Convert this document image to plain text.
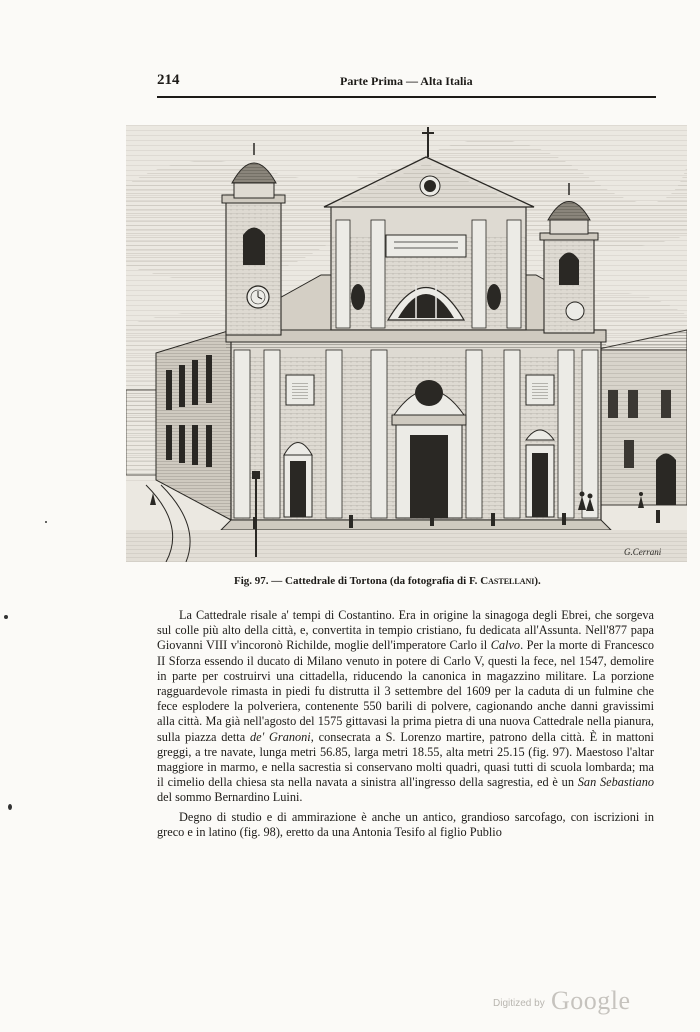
214	Parte Prima — Alta Italia
G.Cerrani
Fig. 97. — Cattedrale di Tortona (da fotografia di F. Castellani).

La Cattedrale risale a' tempi di Costantino. Era in origine la sinagoga degli Ebrei, che sorgeva sul colle più alto della città, e, convertita in tempio cristiano, fu dedicata all'Assunta. Nell'877 papa Giovanni VIII v'incoronò Richilde, moglie dell'imperatore Carlo il Calvo. Per la morte di Francesco II Sforza essendo il ducato di Milano venuto in potere di Carlo V, questi la fece, nel 1547, demolire in parte per costruirvi una cittadella, riducendo la canonica in magazzino militare. La porzione ragguardevole rimasta in piedi fu distrutta il 3 settembre del 1609 per la caduta di un fulmine che fece esplodere la polveriera, contenente 550 barili di polvere, cagionando anche danni gravissimi alla città. Ma già nell'agosto del 1575 gittavasi la prima pietra di una nuova Cattedrale nella pianura, sulla piazza detta de' Granoni, consecrata a S. Lorenzo martire, patrono della città. È in mattoni greggi, a tre navate, lunga metri 56.85, larga metri 18.55, alta metri 25.15 (fig. 97). Maestoso l'altar maggiore in marmo, e nella sacrestia si conservano molti quadri, quasi tutti di scuola lombarda; ma il cimelio della chiesa sta nella navata a sinistra all'ingresso della sagrestia, ed è un San Sebastiano del sommo Bernardino Luini.

Degno di studio e di ammirazione è anche un antico, grandioso sarcofago, con iscrizioni in greco e in latino (fig. 98), eretto da una Antonia Tesifo al figlio Publio

Digitized by Google
